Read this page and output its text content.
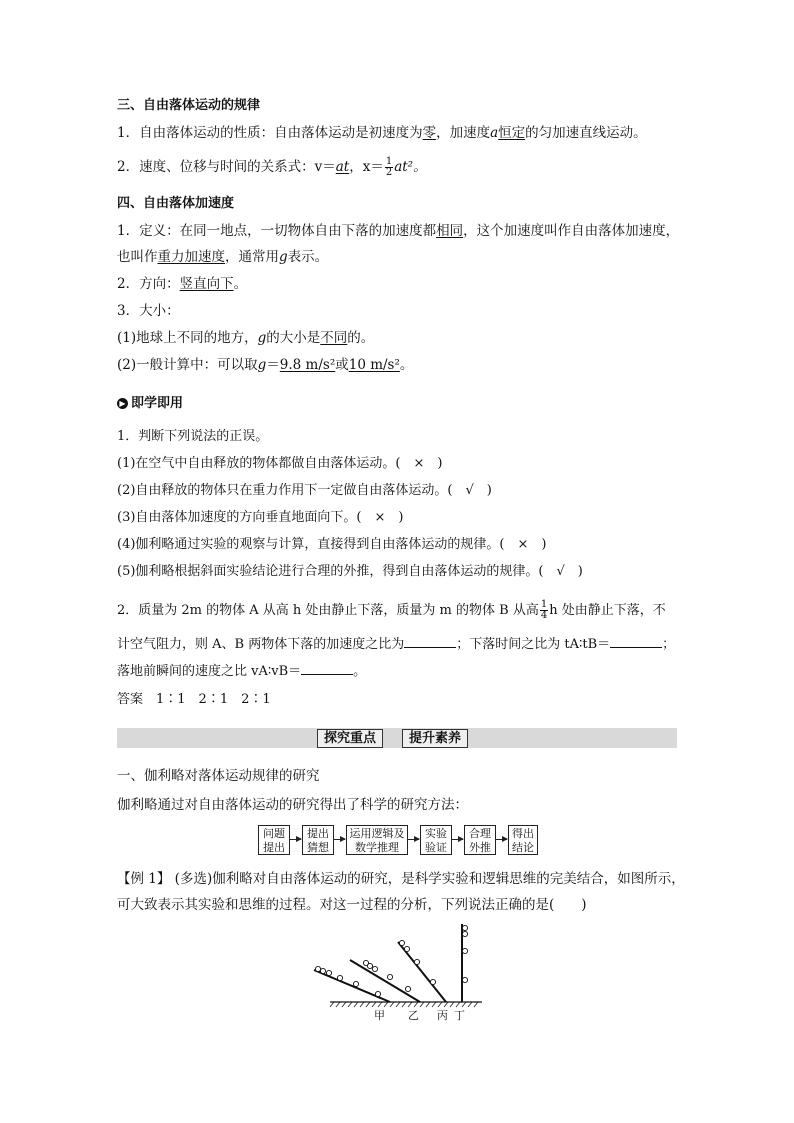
三、自由落体运动的规律
1．自由落体运动的性质：自由落体运动是初速度为零，加速度a恒定的匀加速直线运动。
2．速度、位移与时间的关系式：v＝at，$x= \frac{1}{2} at^2$。
四、自由落体加速度
1．定义：在同一地点，一切物体自由下落的加速度都相同，这个加速度叫作自由落体加速度，
也叫作重力加速度，通常用g表示。
2．方向：竖直向下。
3．大小：
(1)地球上不同的地方，g的大小是不同的。
(2)一般计算中：可以取g＝9.8 m/s²或10 m/s²。
▶ 即学即用
1．判断下列说法的正误。
(1)在空气中自由释放的物体都做自由落体运动。(　×　)
(2)自由释放的物体只在重力作用下一定做自由落体运动。(　√　)
(3)自由落体加速度的方向垂直地面向下。(　×　)
(4)伽利略通过实验的观察与计算，直接得到自由落体运动的规律。(　×　)
(5)伽利略根据斜面实验结论进行合理的外推，得到自由落体运动的规律。(　√　)
2．质量为 2m 的物体 A 从高 h 处由静止下落，质量为 m 的物体 B 从高 $\frac{1}{4}$ h 处由静止下落，不
计空气阻力，则 A、B 两物体下落的加速度之比为	；下落时间之比为 tA∶tB＝	；
落地前瞬间的速度之比 vA∶vB＝	。
答案　1∶1　2∶1　2∶1
探究重点	提升素养
一、伽利略对落体运动规律的研究
伽利略通过对自由落体运动的研究得出了科学的研究方法：
问题
提出
提出
猜想
运用逻辑及
数学推理
实验
验证
合理
外推
得出
结论
【例 1】 (多选)伽利略对自由落体运动的研究，是科学实验和逻辑思维的完美结合，如图所示，
可大致表示其实验和思维的过程。对这一过程的分析，下列说法正确的是(　　)
甲 乙 丙 丁
